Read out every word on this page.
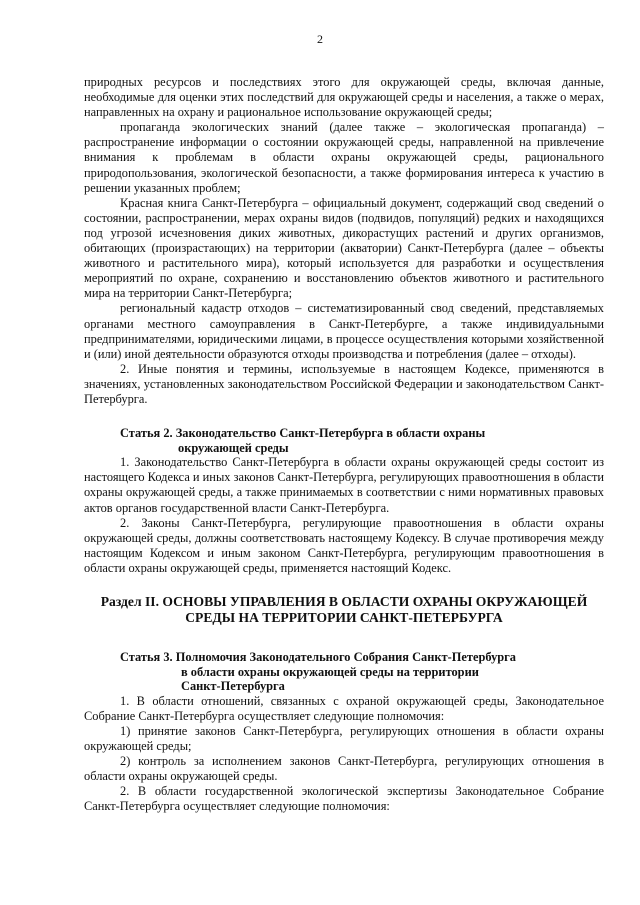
2

природных ресурсов и последствиях этого для окружающей среды, включая данные, необходимые для оценки этих последствий для окружающей среды и населения, а также о мерах, направленных на охрану и рациональное использование окружающей среды;

пропаганда экологических знаний (далее также – экологическая пропаганда) – распространение информации о состоянии окружающей среды, направленной на привлечение внимания к проблемам в области охраны окружающей среды, рационального природопользования, экологической безопасности, а также формирования интереса к участию в решении указанных проблем;

Красная книга Санкт-Петербурга – официальный документ, содержащий свод сведений о состоянии, распространении, мерах охраны видов (подвидов, популяций) редких и находящихся под угрозой исчезновения диких животных, дикорастущих растений и других организмов, обитающих (произрастающих) на территории (акватории) Санкт-Петербурга (далее – объекты животного и растительного мира), который используется для разработки и осуществления мероприятий по охране, сохранению и восстановлению объектов животного и растительного мира на территории Санкт-Петербурга;

региональный кадастр отходов – систематизированный свод сведений, представляемых органами местного самоуправления в Санкт-Петербурге, а также индивидуальными предпринимателями, юридическими лицами, в процессе осуществления которыми хозяйственной и (или) иной деятельности образуются отходы производства и потребления (далее – отходы).

2. Иные понятия и термины, используемые в настоящем Кодексе, применяются в значениях, установленных законодательством Российской Федерации и законодательством Санкт-Петербурга.

Статья 2. Законодательство Санкт-Петербурга в области охраны
окружающей среды

1. Законодательство Санкт-Петербурга в области охраны окружающей среды состоит из настоящего Кодекса и иных законов Санкт-Петербурга, регулирующих правоотношения в области охраны окружающей среды, а также принимаемых в соответствии с ними нормативных правовых актов органов государственной власти Санкт-Петербурга.

2. Законы Санкт-Петербурга, регулирующие правоотношения в области охраны окружающей среды, должны соответствовать настоящему Кодексу. В случае противоречия между настоящим Кодексом и иным законом Санкт-Петербурга, регулирующим правоотношения в области охраны окружающей среды, применяется настоящий Кодекс.

Раздел II. ОСНОВЫ УПРАВЛЕНИЯ В ОБЛАСТИ ОХРАНЫ ОКРУЖАЮЩЕЙ
СРЕДЫ НА ТЕРРИТОРИИ САНКТ-ПЕТЕРБУРГА
Статья 3. Полномочия Законодательного Собрания Санкт-Петербурга
в области охраны окружающей среды на территории
Санкт-Петербурга

1. В области отношений, связанных с охраной окружающей среды, Законодательное Собрание Санкт-Петербурга осуществляет следующие полномочия:

1) принятие законов Санкт-Петербурга, регулирующих отношения в области охраны окружающей среды;

2) контроль за исполнением законов Санкт-Петербурга, регулирующих отношения в области охраны окружающей среды.

2. В области государственной экологической экспертизы Законодательное Собрание Санкт-Петербурга осуществляет следующие полномочия:
